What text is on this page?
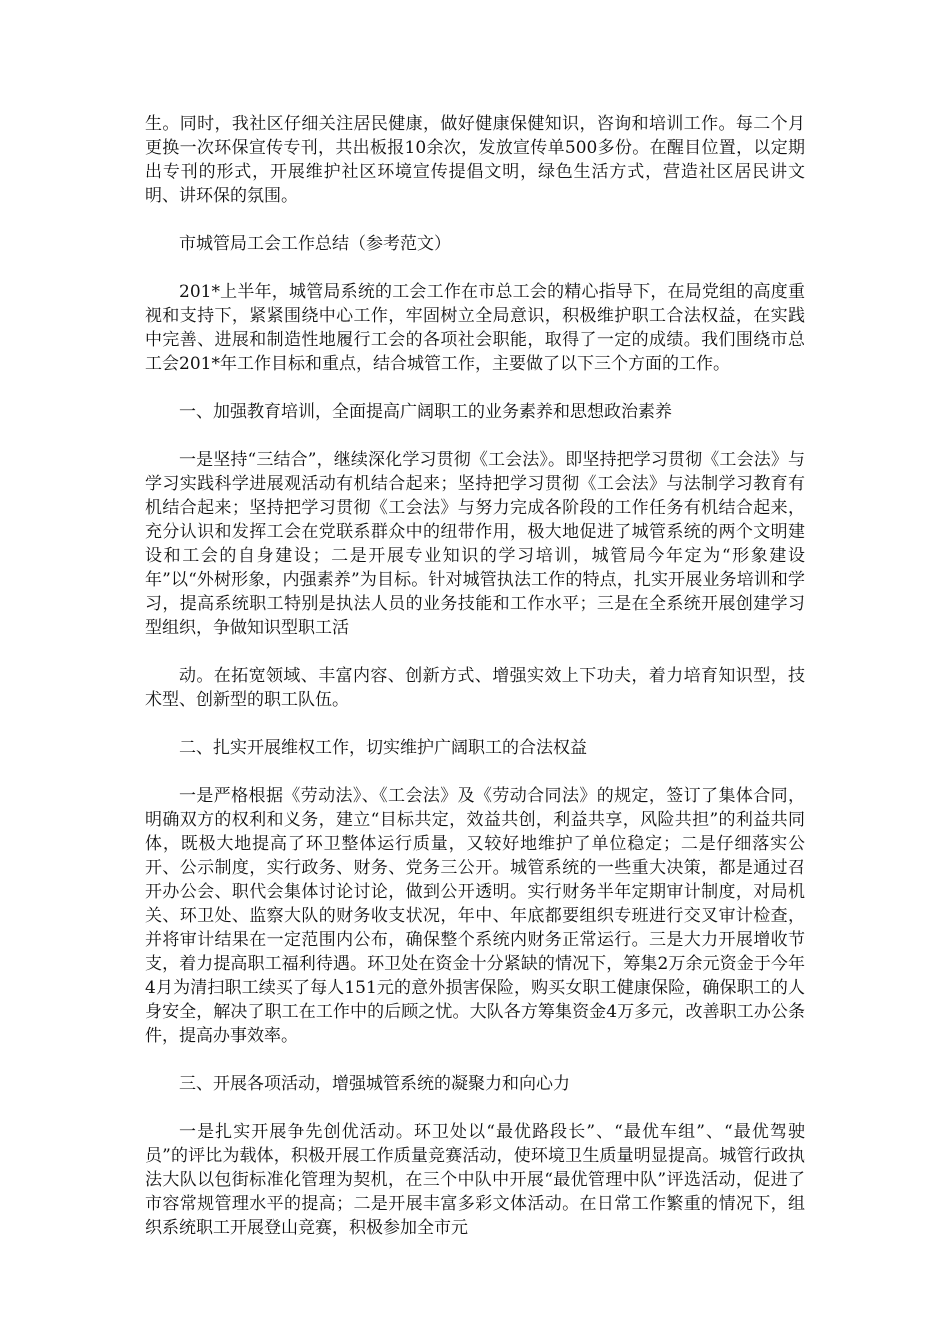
生。同时，我社区仔细关注居民健康，做好健康保健知识，咨询和培训工作。每二个月更换一次环保宣传专刊，共出板报10余次，发放宣传单500多份。在醒目位置，以定期出专刊的形式，开展维护社区环境宣传提倡文明，绿色生活方式，营造社区居民讲文明、讲环保的氛围。

市城管局工会工作总结（参考范文）

201*上半年，城管局系统的工会工作在市总工会的精心指导下，在局党组的高度重视和支持下，紧紧围绕中心工作，牢固树立全局意识，积极维护职工合法权益，在实践中完善、进展和制造性地履行工会的各项社会职能，取得了一定的成绩。我们围绕市总工会201*年工作目标和重点，结合城管工作，主要做了以下三个方面的工作。

一、加强教育培训，全面提高广阔职工的业务素养和思想政治素养

一是坚持“三结合”，继续深化学习贯彻《工会法》。即坚持把学习贯彻《工会法》与学习实践科学进展观活动有机结合起来；坚持把学习贯彻《工会法》与法制学习教育有机结合起来；坚持把学习贯彻《工会法》与努力完成各阶段的工作任务有机结合起来，充分认识和发挥工会在党联系群众中的纽带作用，极大地促进了城管系统的两个文明建设和工会的自身建设；二是开展专业知识的学习培训，城管局今年定为“形象建设年”以“外树形象，内强素养”为目标。针对城管执法工作的特点，扎实开展业务培训和学习，提高系统职工特别是执法人员的业务技能和工作水平；三是在全系统开展创建学习型组织，争做知识型职工活

动。在拓宽领域、丰富内容、创新方式、增强实效上下功夫，着力培育知识型，技术型、创新型的职工队伍。

二、扎实开展维权工作，切实维护广阔职工的合法权益

一是严格根据《劳动法》、《工会法》及《劳动合同法》的规定，签订了集体合同，明确双方的权利和义务，建立“目标共定，效益共创，利益共享，风险共担”的利益共同体，既极大地提高了环卫整体运行质量，又较好地维护了单位稳定；二是仔细落实公开、公示制度，实行政务、财务、党务三公开。城管系统的一些重大决策，都是通过召开办公会、职代会集体讨论讨论，做到公开透明。实行财务半年定期审计制度，对局机关、环卫处、监察大队的财务收支状况，年中、年底都要组织专班进行交叉审计检查，并将审计结果在一定范围内公布，确保整个系统内财务正常运行。三是大力开展增收节支，着力提高职工福利待遇。环卫处在资金十分紧缺的情况下，筹集2万余元资金于今年4月为清扫职工续买了每人151元的意外损害保险，购买女职工健康保险，确保职工的人身安全，解决了职工在工作中的后顾之忧。大队各方筹集资金4万多元，改善职工办公条件，提高办事效率。

三、开展各项活动，增强城管系统的凝聚力和向心力

一是扎实开展争先创优活动。环卫处以“最优路段长”、“最优车组”、“最优驾驶员”的评比为载体，积极开展工作质量竞赛活动，使环境卫生质量明显提高。城管行政执法大队以包街标准化管理为契机，在三个中队中开展“最优管理中队”评选活动，促进了市容常规管理水平的提高；二是开展丰富多彩文体活动。在日常工作繁重的情况下，组织系统职工开展登山竞赛，积极参加全市元
